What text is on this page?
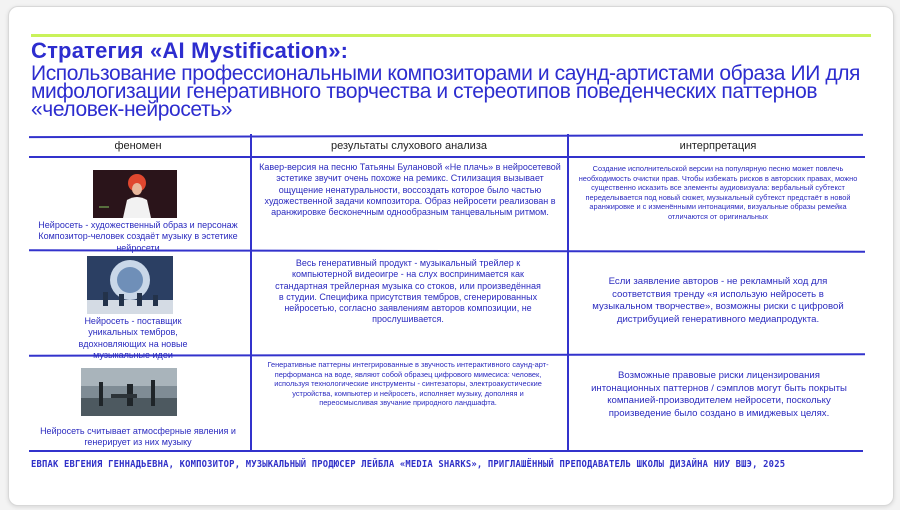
Стратегия «AI Mystification»:
Использование профессиональными композиторами и саунд-артистами образа ИИ для мифологизации генеративного творчества и стереотипов поведенческих паттернов «человек-нейросеть»
феномен	результаты слухового анализа	интерпретация
Нейросеть - художественный образ и персонаж Композитор-человек создаёт музыку в эстетике нейросети
Кавер-версия на песню Татьяны Булановой «Не плачь» в нейросетевой эстетике звучит очень похоже на ремикс. Стилизация вызывает ощущение ненатуральности, воссоздать которое было частью художественной задачи композитора. Образ нейросети реализован в аранжировке бесконечным однообразным танцевальным ритмом.
Создание исполнительской версии на популярную песню может повлечь необходимость очистки прав. Чтобы избежать рисков в авторских правах, можно существенно исказить все элементы аудиовизуала: вербальный субтекст переделывается под новый сюжет, музыкальный субтекст предстаёт в новой аранжировке и с изменёнными интонациями, визуальные образы ремейка отличаются от оригинальных
Нейросеть - поставщик уникальных тембров, вдохновляющих на новые музыкальные идеи
Весь генеративный продукт - музыкальный трейлер к компьютерной видеоигре - на слух воспринимается как стандартная трейлерная музыка со стоков, или произведённая в студии. Специфика присутствия тембров, сгенерированных нейросетью, согласно заявлениям авторов композиции, не прослушивается.
Если заявление авторов - не рекламный ход для соответствия тренду «я использую нейросеть в музыкальном творчестве», возможны риски с цифровой дистрибуцией генеративного медиапродукта.
Нейросеть считывает атмосферные явления и генерирует из них музыку
Генеративные паттерны интегрированные в звучность интерактивного саунд-арт-перформанса на воде, являют собой образец цифрового мимесиса: человек, используя технологические инструменты - синтезаторы, электроакустические устройства, компьютер и нейросеть, исполняет музыку, дополняя и переосмысливая звучание природного ландшафта.
Возможные правовые риски лицензирования интонационных паттернов / сэмплов могут быть покрыты компанией-производителем нейросети, поскольку произведение было создано в имиджевых целях.
ЕВПАК ЕВГЕНИЯ ГЕННАДЬЕВНА, КОМПОЗИТОР, МУЗЫКАЛЬНЫЙ ПРОДЮСЕР ЛЕЙБЛА «MEDIA SHARKS», ПРИГЛАШЁННЫЙ ПРЕПОДАВАТЕЛЬ ШКОЛЫ ДИЗАЙНА НИУ ВШЭ, 2025
